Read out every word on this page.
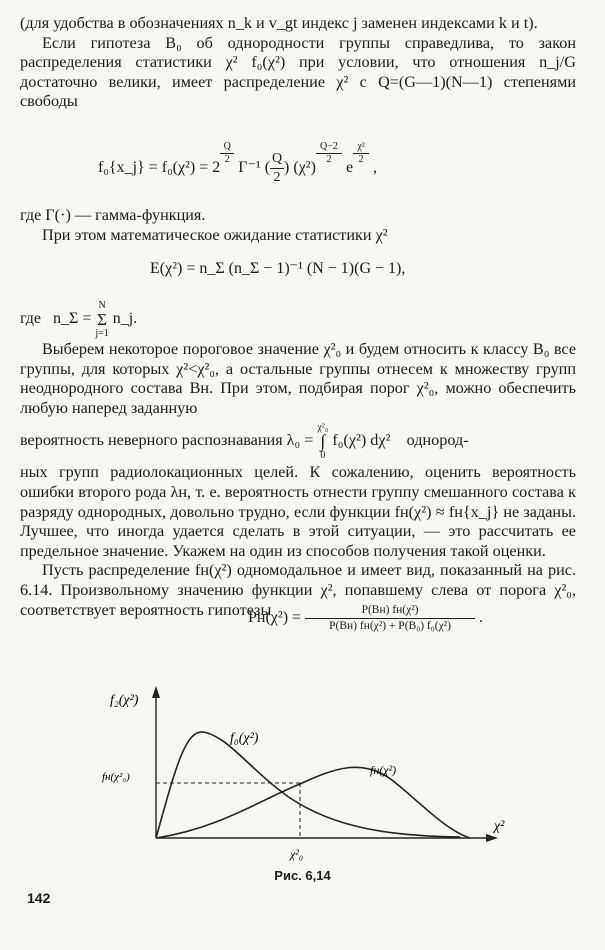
(для удобства в обозначениях n_k и v_gt индекс j заменен индексами k и t).

Если гипотеза B₀ об однородности группы справедлива, то закон распределения статистики χ² f₀(χ²) при условии, что отношения n_j/G достаточно велики, имеет распределение χ² с Q=(G—1)(N—1) степенями свободы

f₀{x_j} = f₀(χ²) = 2
$\frac{Q}{2}$
Γ⁻¹ ( $\frac{Q}{2}$ ) (χ²)
$\frac{Q-2}{2}$
e
$\frac{\text{χ²}}{2}$
,

где Γ(·) — гамма-функция.

При этом математическое ожидание статистики χ²

E(χ²) = n_Σ (n_Σ − 1)⁻¹ (N − 1)(G − 1),
где n_Σ = N
Σ
j=1 n_j.

Выберем некоторое пороговое значение χ²₀ и будем относить к классу B₀ все группы, для которых χ²<χ²₀, а остальные группы отнесем к множеству групп неоднородного состава Bн. При этом, подбирая порог χ²₀, можно обеспечить любую наперед заданную

вероятность неверного распознавания λ₀ = χ²₀
∫
0 f₀(χ²) dχ² однород-

ных групп радиолокационных целей. К сожалению, оценить вероятность ошибки второго рода λн, т. е. вероятность отнести группу смешанного состава к разряду однородных, довольно трудно, если функции fн(χ²) ≈ fн{x_j} не заданы. Лучшее, что иногда удается сделать в этой ситуации, — это рассчитать ее предельное значение. Укажем на один из способов получения такой оценки.

Пусть распределение fн(χ²) одномодальное и имеет вид, показанный на рис. 6.14. Произвольному значению функции χ², попавшему слева от порога χ²₀, соответствует вероятность гипотезы

$Pн(\chi^2) = \frac{\text{P(Bн) fн(χ²)}}{\text{P(Bн) fн(χ²) + P(B₀) f₀(χ²)}}$ .
f₂(χ²)
f₀(χ²)
fн(χ²)
fн(χ²₀)
χ²₀
χ²
Рис. 6,14
142
